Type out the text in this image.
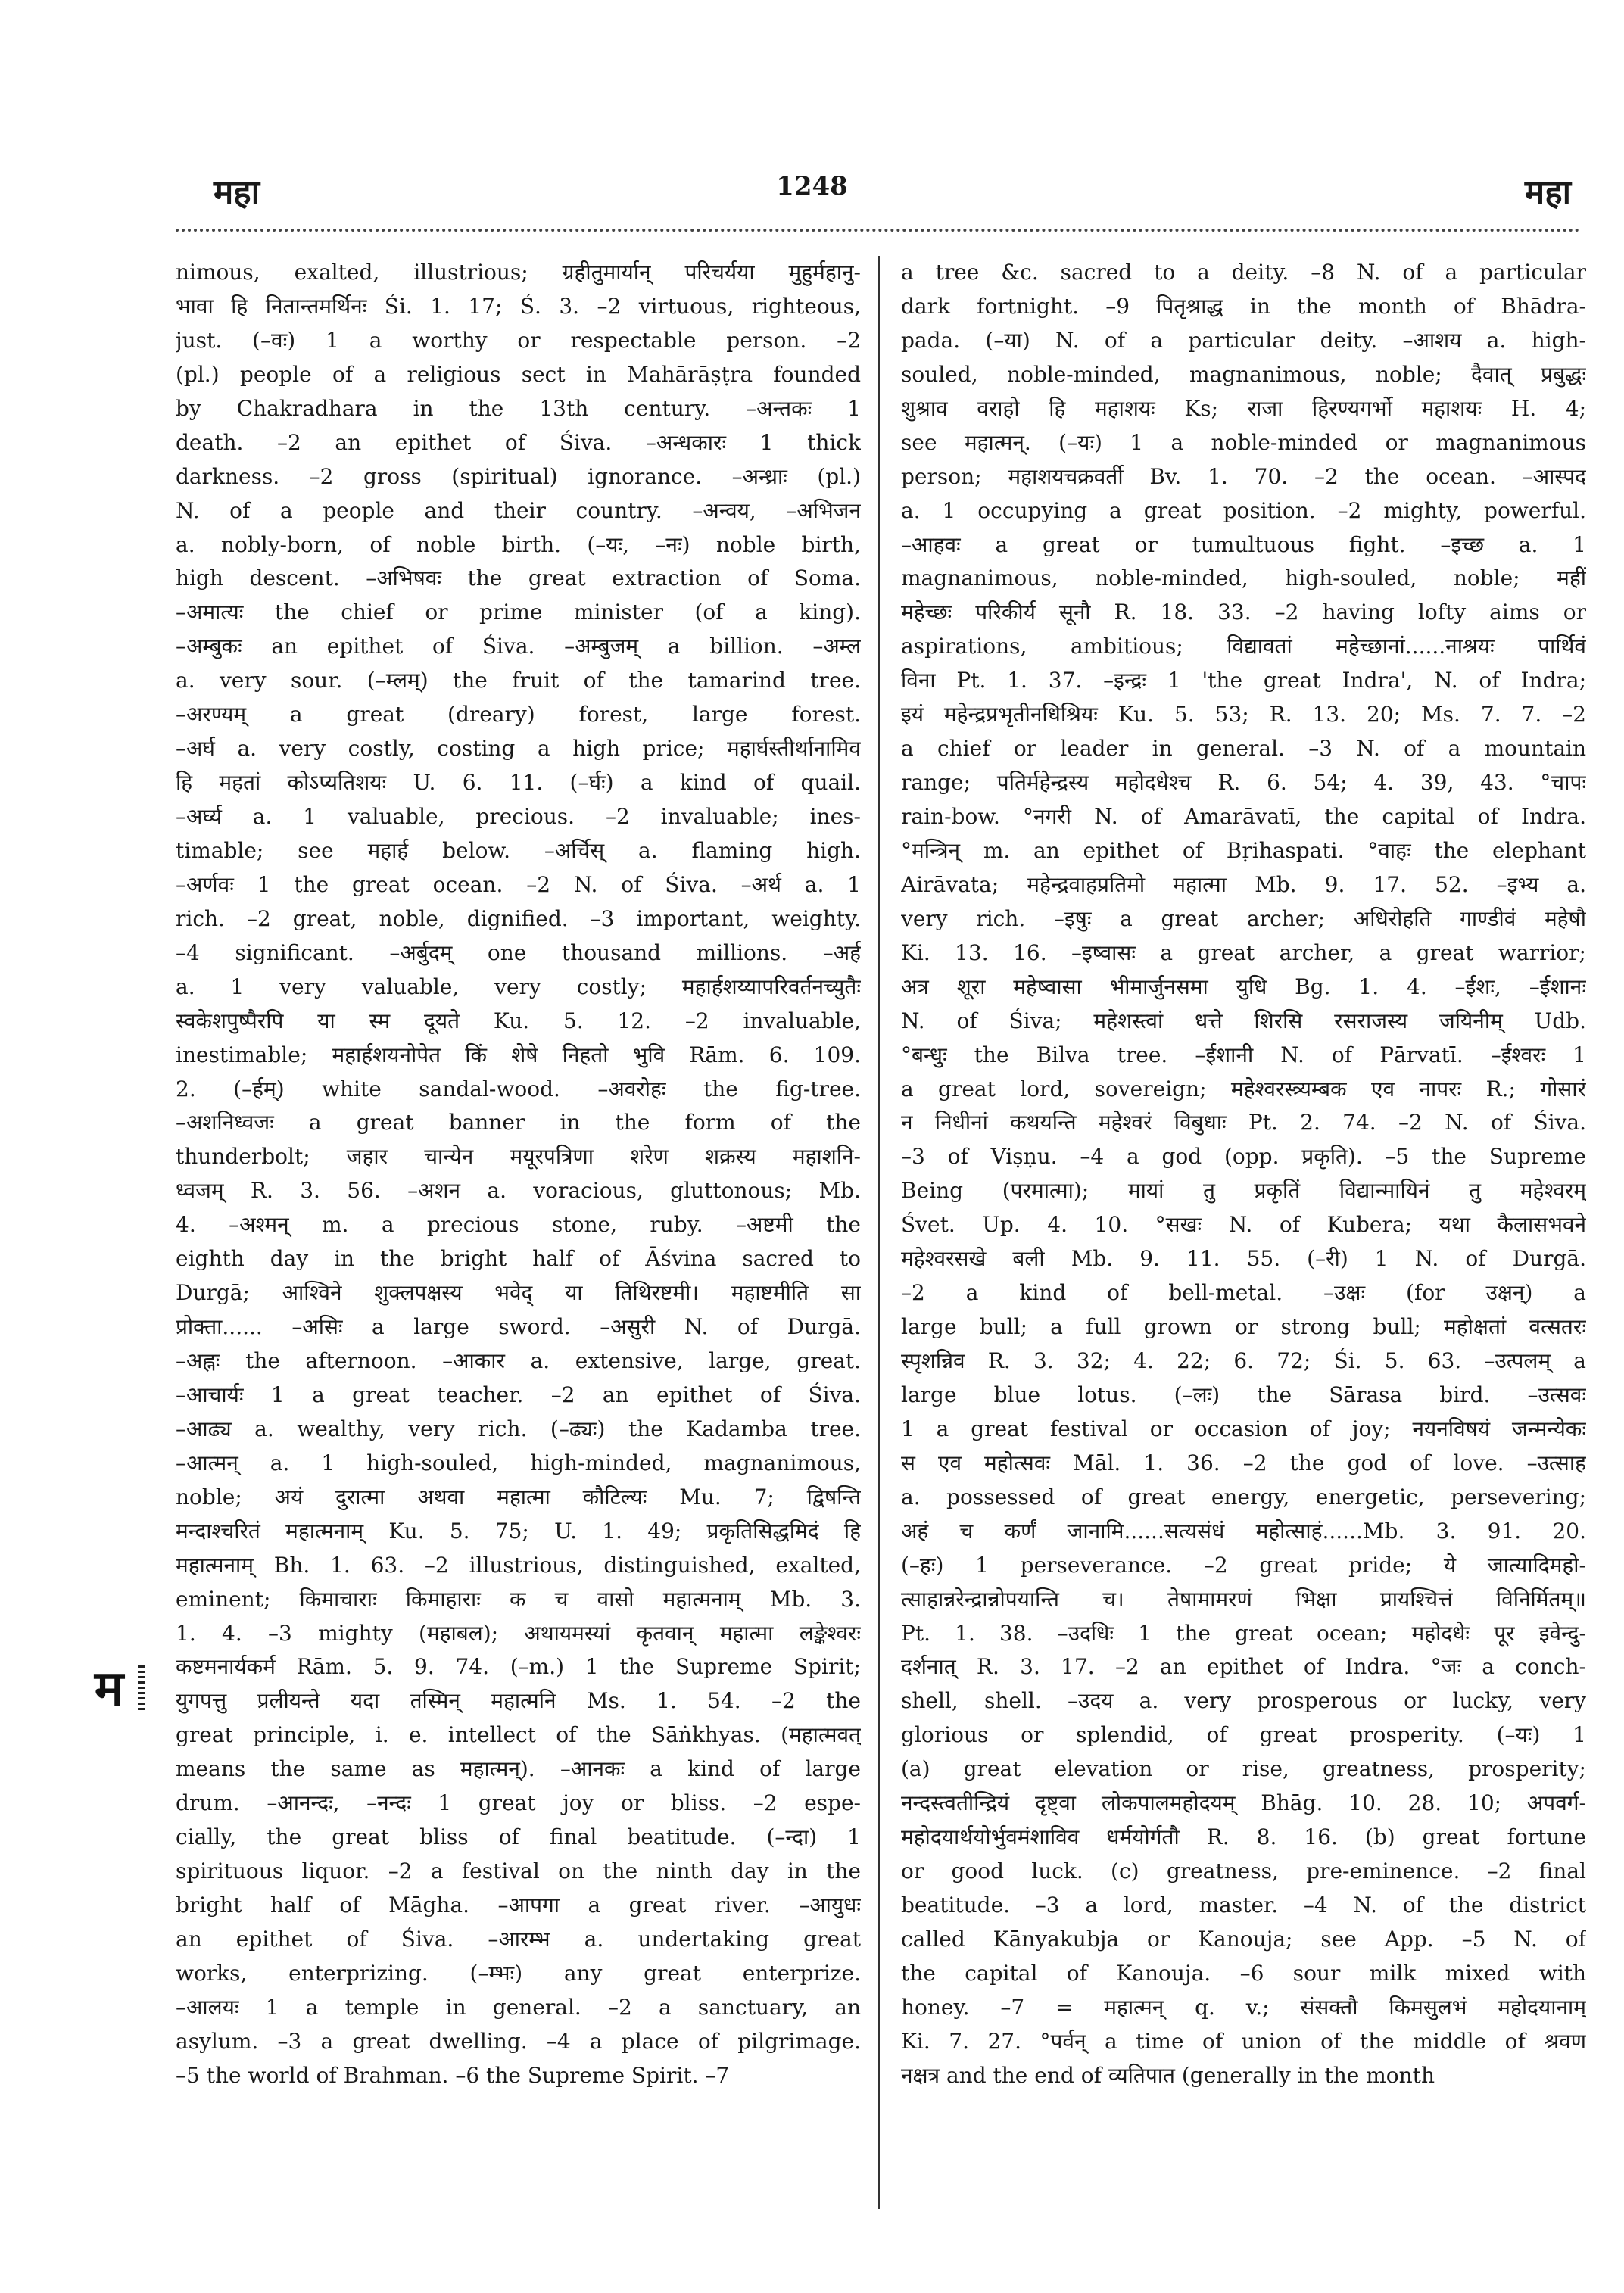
महा	1248	महा
म
nimous, exalted, illustrious; ग्रहीतुमार्यान् परिचर्यया मुहुर्महानु-
भावा हि नितान्तमर्थिनः Śi. 1. 17; Ś. 3. –2 virtuous, righteous,
just. (–वः) 1 a worthy or respectable person. –2
(pl.) people of a religious sect in Mahārāṣṭra founded
by Chakradhara in the 13th century. –अन्तकः 1
death. –2 an epithet of Śiva. –अन्धकारः 1 thick
darkness. –2 gross (spiritual) ignorance. –अन्ध्राः (pl.)
N. of a people and their country. –अन्वय, –अभिजन
a. nobly-born, of noble birth. (–यः, –नः) noble birth,
high descent. –अभिषवः the great extraction of Soma.
–अमात्यः the chief or prime minister (of a king).
–अम्बुकः an epithet of Śiva. –अम्बुजम् a billion. –अम्ल
a. very sour. (–म्लम्) the fruit of the tamarind tree.
–अरण्यम् a great (dreary) forest, large forest.
–अर्घ a. very costly, costing a high price; महार्घस्तीर्थानामिव
हि महतां कोऽप्यतिशयः U. 6. 11. (–र्घः) a kind of quail.
–अर्घ्य a. 1 valuable, precious. –2 invaluable; ines-
timable; see महार्ह below. –अर्चिस् a. flaming high.
–अर्णवः 1 the great ocean. –2 N. of Śiva. –अर्थ a. 1
rich. –2 great, noble, dignified. –3 important, weighty.
–4 significant. –अर्बुदम् one thousand millions. –अर्ह
a. 1 very valuable, very costly; महार्हशय्यापरिवर्तनच्युतैः
स्वकेशपुष्पैरपि या स्म दूयते Ku. 5. 12. –2 invaluable,
inestimable; महार्हशयनोपेत किं शेषे निहतो भुवि Rām. 6. 109.
2. (–र्हम्) white sandal-wood. –अवरोहः the fig-tree.
–अशनिध्वजः a great banner in the form of the
thunderbolt; जहार चान्येन मयूरपत्रिणा शरेण शक्रस्य महाशनि-
ध्वजम् R. 3. 56. –अशन a. voracious, gluttonous; Mb.
4. –अश्मन् m. a precious stone, ruby. –अष्टमी the
eighth day in the bright half of Āśvina sacred to
Durgā; आश्विने शुक्लपक्षस्य भवेद् या तिथिरष्टमी। महाष्टमीति सा
प्रोक्ता...... –असिः a large sword. –असुरी N. of Durgā.
–अह्नः the afternoon. –आकार a. extensive, large, great.
–आचार्यः 1 a great teacher. –2 an epithet of Śiva.
–आढ्य a. wealthy, very rich. (–ढ्यः) the Kadamba tree.
–आत्मन् a. 1 high-souled, high-minded, magnanimous,
noble; अयं दुरात्मा अथवा महात्मा कौटिल्यः Mu. 7; द्विषन्ति
मन्दाश्चरितं महात्मनाम् Ku. 5. 75; U. 1. 49; प्रकृतिसिद्धमिदं हि
महात्मनाम् Bh. 1. 63. –2 illustrious, distinguished, exalted,
eminent; किमाचाराः किमाहाराः क च वासो महात्मनाम् Mb. 3.
1. 4. –3 mighty (महाबल); अथायमस्यां कृतवान् महात्मा लङ्केश्वरः
कष्टमनार्यकर्म Rām. 5. 9. 74. (–m.) 1 the Supreme Spirit;
युगपत्तु प्रलीयन्ते यदा तस्मिन् महात्मनि Ms. 1. 54. –2 the
great principle, i. e. intellect of the Sāṅkhyas. (महात्मवत्
means the same as महात्मन्). –आनकः a kind of large
drum. –आनन्दः, –नन्दः 1 great joy or bliss. –2 espe-
cially, the great bliss of final beatitude. (–न्दा) 1
spirituous liquor. –2 a festival on the ninth day in the
bright half of Māgha. –आपगा a great river. –आयुधः
an epithet of Śiva. –आरम्भ a. undertaking great
works, enterprizing. (–म्भः) any great enterprize.
–आलयः 1 a temple in general. –2 a sanctuary, an
asylum. –3 a great dwelling. –4 a place of pilgrimage.
–5 the world of Brahman. –6 the Supreme Spirit. –7
a tree &c. sacred to a deity. –8 N. of a particular
dark fortnight. –9 पितृश्राद्ध in the month of Bhādra-
pada. (–या) N. of a particular deity. –आशय a. high-
souled, noble-minded, magnanimous, noble; दैवात् प्रबुद्धः
शुश्राव वराहो हि महाशयः Ks; राजा हिरण्यगर्भो महाशयः H. 4;
see महात्मन्. (–यः) 1 a noble-minded or magnanimous
person; महाशयचक्रवर्ती Bv. 1. 70. –2 the ocean. –आस्पद
a. 1 occupying a great position. –2 mighty, powerful.
–आहवः a great or tumultuous fight. –इच्छ a. 1
magnanimous, noble-minded, high-souled, noble; महीं
महेच्छः परिकीर्य सूनौ R. 18. 33. –2 having lofty aims or
aspirations, ambitious; विद्यावतां महेच्छानां......नाश्रयः पार्थिवं
विना Pt. 1. 37. –इन्द्रः 1 'the great Indra', N. of Indra;
इयं महेन्द्रप्रभृतीनधिश्रियः Ku. 5. 53; R. 13. 20; Ms. 7. 7. –2
a chief or leader in general. –3 N. of a mountain
range; पतिर्महेन्द्रस्य महोदधेश्च R. 6. 54; 4. 39, 43. °चापः
rain-bow. °नगरी N. of Amarāvatī, the capital of Indra.
°मन्त्रिन् m. an epithet of Bṛihaspati. °वाहः the elephant
Airāvata; महेन्द्रवाहप्रतिमो महात्मा Mb. 9. 17. 52. –इभ्य a.
very rich. –इषुः a great archer; अधिरोहति गाण्डीवं महेषौ
Ki. 13. 16. –इष्वासः a great archer, a great warrior;
अत्र शूरा महेष्वासा भीमार्जुनसमा युधि Bg. 1. 4. –ईशः, –ईशानः
N. of Śiva; महेशस्त्वां धत्ते शिरसि रसराजस्य जयिनीम् Udb.
°बन्धुः the Bilva tree. –ईशानी N. of Pārvatī. –ईश्वरः 1
a great lord, sovereign; महेश्वरस्त्र्यम्बक एव नापरः R.; गोसारं
न निधीनां कथयन्ति महेश्वरं विबुधाः Pt. 2. 74. –2 N. of Śiva.
–3 of Viṣṇu. –4 a god (opp. प्रकृति). –5 the Supreme
Being (परमात्मा); मायां तु प्रकृतिं विद्यान्मायिनं तु महेश्वरम्
Śvet. Up. 4. 10. °सखः N. of Kubera; यथा कैलासभवने
महेश्वरसखे बली Mb. 9. 11. 55. (–री) 1 N. of Durgā.
–2 a kind of bell-metal. –उक्षः (for उक्षन्) a
large bull; a full grown or strong bull; महोक्षतां वत्सतरः
स्पृशन्निव R. 3. 32; 4. 22; 6. 72; Śi. 5. 63. –उत्पलम् a
large blue lotus. (–लः) the Sārasa bird. –उत्सवः
1 a great festival or occasion of joy; नयनविषयं जन्मन्येकः
स एव महोत्सवः Māl. 1. 36. –2 the god of love. –उत्साह
a. possessed of great energy, energetic, persevering;
अहं च कर्णं जानामि......सत्यसंधं महोत्साहं......Mb. 3. 91. 20.
(–हः) 1 perseverance. –2 great pride; ये जात्यादिमहो-
त्साहान्नरेन्द्रान्नोपयान्ति च। तेषामामरणं भिक्षा प्रायश्चित्तं विनिर्मितम्॥
Pt. 1. 38. –उदधिः 1 the great ocean; महोदधेः पूर इवेन्दु-
दर्शनात् R. 3. 17. –2 an epithet of Indra. °जः a conch-
shell, shell. –उदय a. very prosperous or lucky, very
glorious or splendid, of great prosperity. (–यः) 1
(a) great elevation or rise, greatness, prosperity;
नन्दस्त्वतीन्द्रियं दृष्ट्वा लोकपालमहोदयम् Bhāg. 10. 28. 10; अपवर्ग-
महोदयार्थयोर्भुवमंशाविव धर्मयोर्गतौ R. 8. 16. (b) great fortune
or good luck. (c) greatness, pre-eminence. –2 final
beatitude. –3 a lord, master. –4 N. of the district
called Kānyakubja or Kanouja; see App. –5 N. of
the capital of Kanouja. –6 sour milk mixed with
honey. –7 = महात्मन् q. v.; संसक्तौ किमसुलभं महोदयानाम्
Ki. 7. 27. °पर्वन् a time of union of the middle of श्रवण
नक्षत्र and the end of व्यतिपात (generally in the month
